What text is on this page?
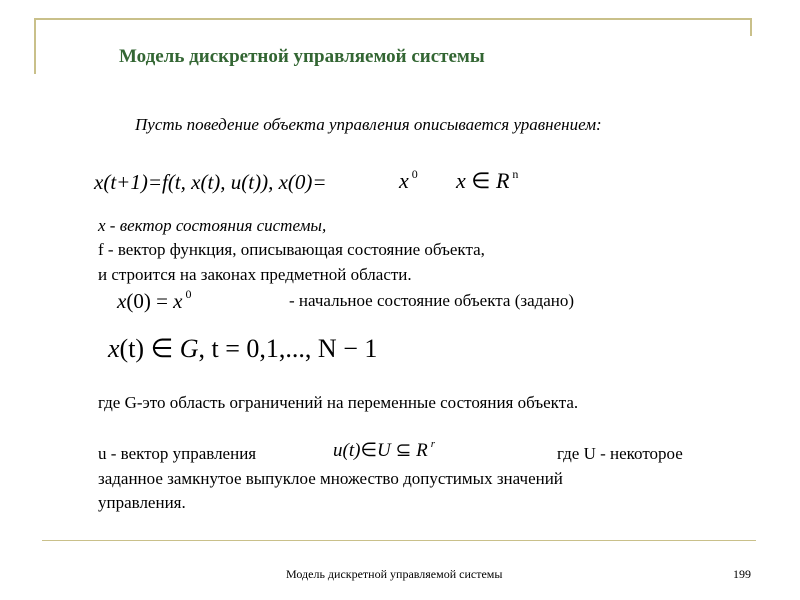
Модель дискретной управляемой системы
Пусть поведение объекта управления описывается уравнением:
x(t+1)=f(t, x(t), u(t)), x(0)=	x $^0$ x ∈ R $^n$
x - вектор состояния системы,
f - вектор функция, описывающая состояние объекта,
и строится на законах предметной области.
x(0) = x $^0$	- начальное состояние объекта (задано)
x(t) ∈ G, t = 0,1,..., N − 1
где G-это область ограничений на переменные состояния объекта.
u - вектор управления	u(t)∈U ⊆ R $^r$	где U - некоторое
заданное замкнутое выпуклое множество допустимых значений
управления.
Модель дискретной управляемой системы	199
